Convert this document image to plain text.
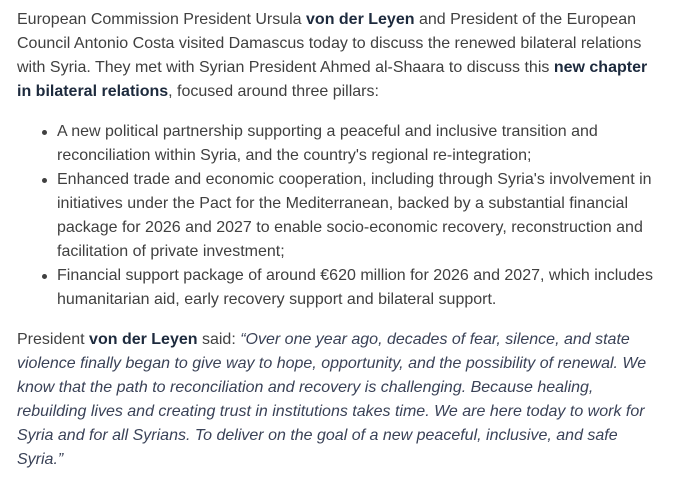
European Commission President Ursula von der Leyen and President of the European Council Antonio Costa visited Damascus today to discuss the renewed bilateral relations with Syria. They met with Syrian President Ahmed al-Shaara to discuss this new chapter in bilateral relations, focused around three pillars:

A new political partnership supporting a peaceful and inclusive transition and reconciliation within Syria, and the country's regional re-integration;
Enhanced trade and economic cooperation, including through Syria's involvement in initiatives under the Pact for the Mediterranean, backed by a substantial financial package for 2026 and 2027 to enable socio-economic recovery, reconstruction and facilitation of private investment;
Financial support package of around €620 million for 2026 and 2027, which includes humanitarian aid, early recovery support and bilateral support.

President von der Leyen said: “Over one year ago, decades of fear, silence, and state violence finally began to give way to hope, opportunity, and the possibility of renewal. We know that the path to reconciliation and recovery is challenging. Because healing, rebuilding lives and creating trust in institutions takes time. We are here today to work for Syria and for all Syrians. To deliver on the goal of a new peaceful, inclusive, and safe Syria.”
